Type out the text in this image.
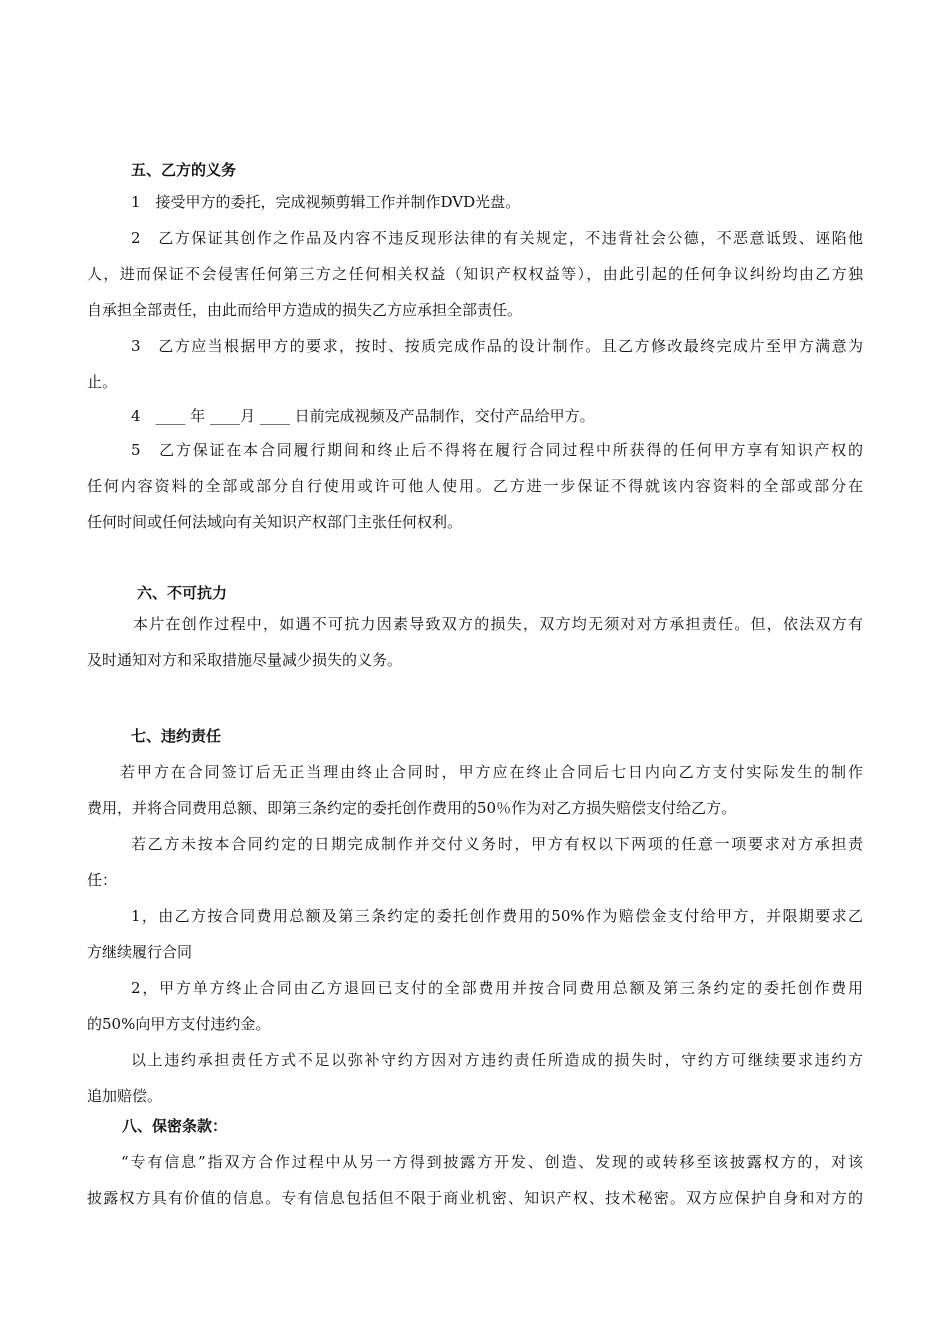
五、乙方的义务
1　接受甲方的委托，完成视频剪辑工作并制作DVD光盘。
2　乙方保证其创作之作品及内容不违反现形法律的有关规定，不违背社会公德，不恶意诋毁、诬陷他
人，进而保证不会侵害任何第三方之任何相关权益（知识产权权益等），由此引起的任何争议纠纷均由乙方独
自承担全部责任，由此而给甲方造成的损失乙方应承担全部责任。
3　乙方应当根据甲方的要求，按时、按质完成作品的设计制作。且乙方修改最终完成片至甲方满意为
止。
4　____ 年 ____月 ____ 日前完成视频及产品制作，交付产品给甲方。
5　乙方保证在本合同履行期间和终止后不得将在履行合同过程中所获得的任何甲方享有知识产权的
任何内容资料的全部或部分自行使用或许可他人使用。乙方进一步保证不得就该内容资料的全部或部分在
任何时间或任何法域向有关知识产权部门主张任何权利。
六、不可抗力
本片在创作过程中，如遇不可抗力因素导致双方的损失，双方均无须对对方承担责任。但，依法双方有
及时通知对方和采取措施尽量减少损失的义务。
七、违约责任
若甲方在合同签订后无正当理由终止合同时，甲方应在终止合同后七日内向乙方支付实际发生的制作
费用，并将合同费用总额、即第三条约定的委托创作费用的50％作为对乙方损失赔偿支付给乙方。
若乙方未按本合同约定的日期完成制作并交付义务时，甲方有权以下两项的任意一项要求对方承担责
任：
1，由乙方按合同费用总额及第三条约定的委托创作费用的50%作为赔偿金支付给甲方，并限期要求乙
方继续履行合同
2，甲方单方终止合同由乙方退回已支付的全部费用并按合同费用总额及第三条约定的委托创作费用
的50%向甲方支付违约金。
以上违约承担责任方式不足以弥补守约方因对方违约责任所造成的损失时，守约方可继续要求违约方
追加赔偿。
八、保密条款：
“专有信息”指双方合作过程中从另一方得到披露方开发、创造、发现的或转移至该披露权方的，对该
披露权方具有价值的信息。专有信息包括但不限于商业机密、知识产权、技术秘密。双方应保护自身和对方的
